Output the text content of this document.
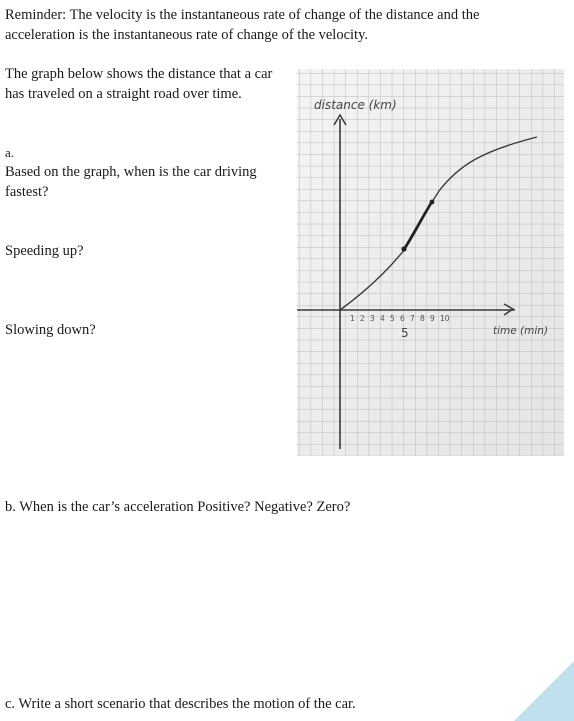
Reminder: The velocity is the instantaneous rate of change of the distance and the acceleration is the instantaneous rate of change of the velocity.

The graph below shows the distance that a car has traveled on a straight road over time.

a.

Based on the graph, when is the car driving fastest?

Speeding up?

Slowing down?

distance (km)
time (min)
1 2 3 4 5 6 7 8 9 10
5

b. When is the car’s acceleration Positive? Negative? Zero?

c. Write a short scenario that describes the motion of the car.
